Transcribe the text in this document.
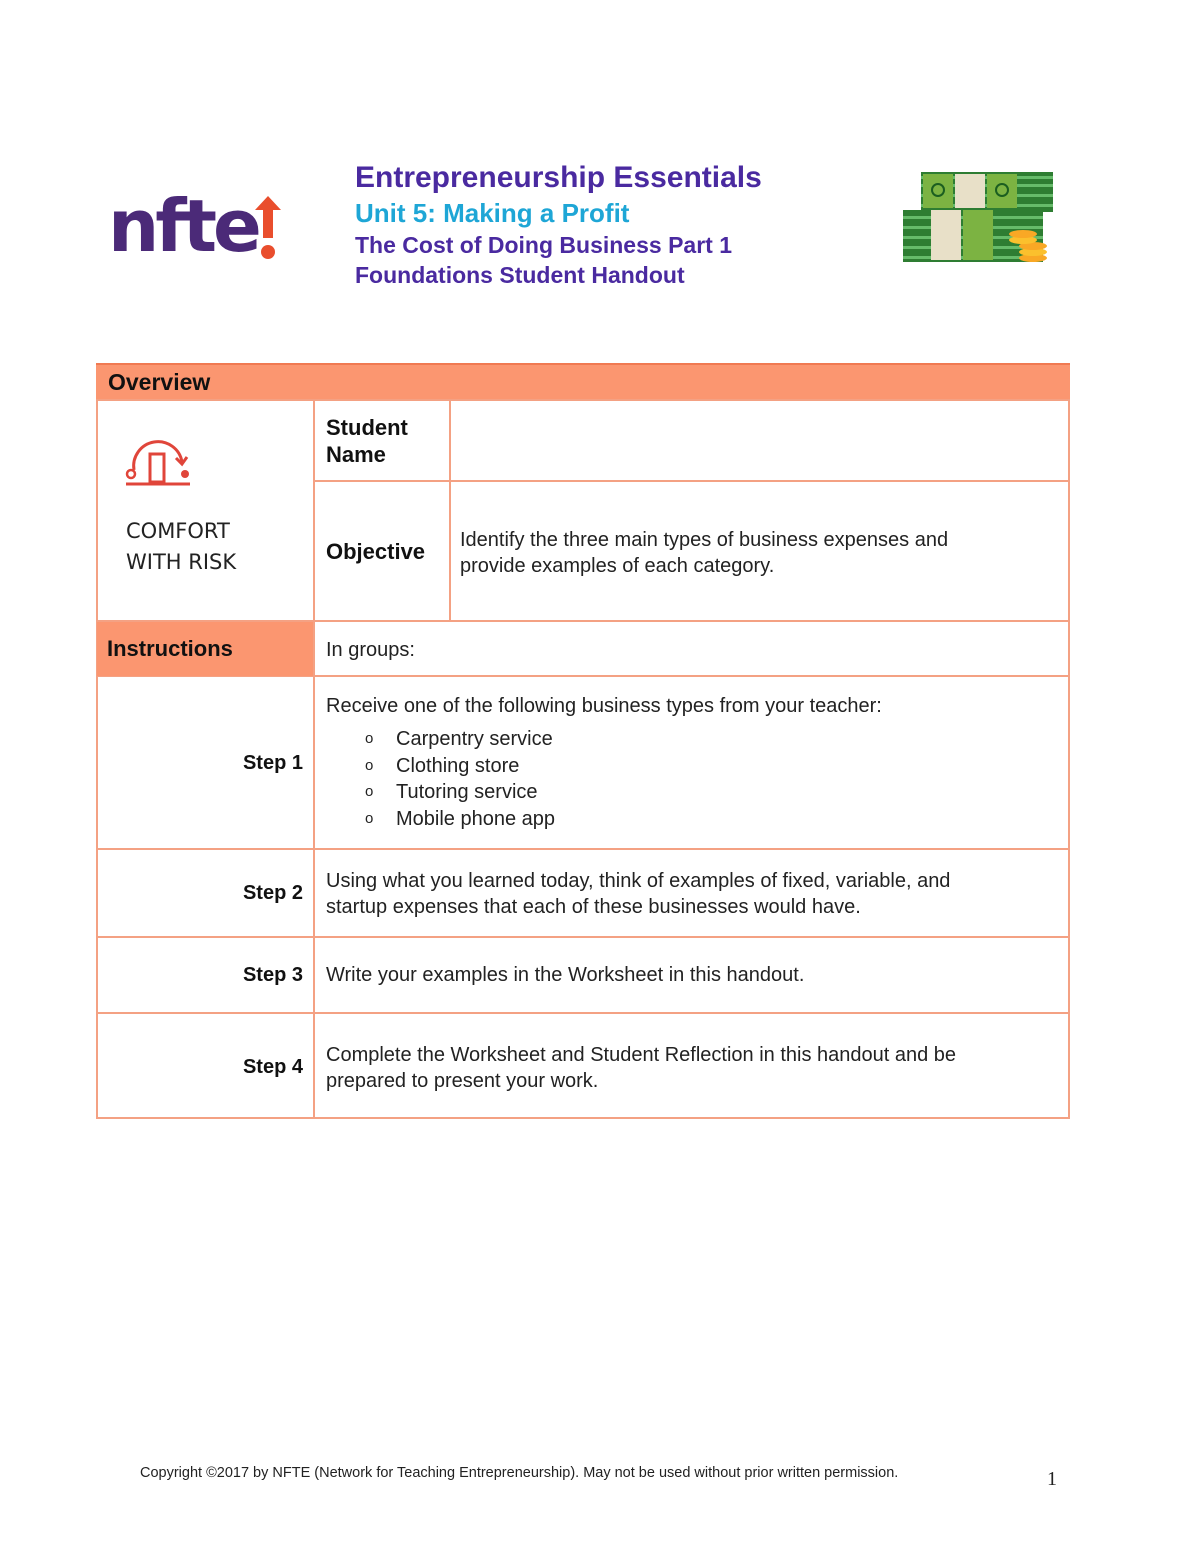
nfte
Entrepreneurship Essentials
Unit 5: Making a Profit
The Cost of Doing Business Part 1
Foundations Student Handout
Overview
COMFORT
WITH RISK
Student
Name
Objective Identify the three main types of business expenses and
provide examples of each category.
Instructions	In groups:
Step 1
Receive one of the following business types from your teacher:
o Carpentry service
o Clothing store
o Tutoring service
o Mobile phone app
Step 2
Using what you learned today, think of examples of fixed, variable, and
startup expenses that each of these businesses would have.
Step 3 Write your examples in the Worksheet in this handout.
Step 4
Complete the Worksheet and Student Reflection in this handout and be
prepared to present your work.
Copyright ©2017 by NFTE (Network for Teaching Entrepreneurship). May not be used without prior written permission.	1
